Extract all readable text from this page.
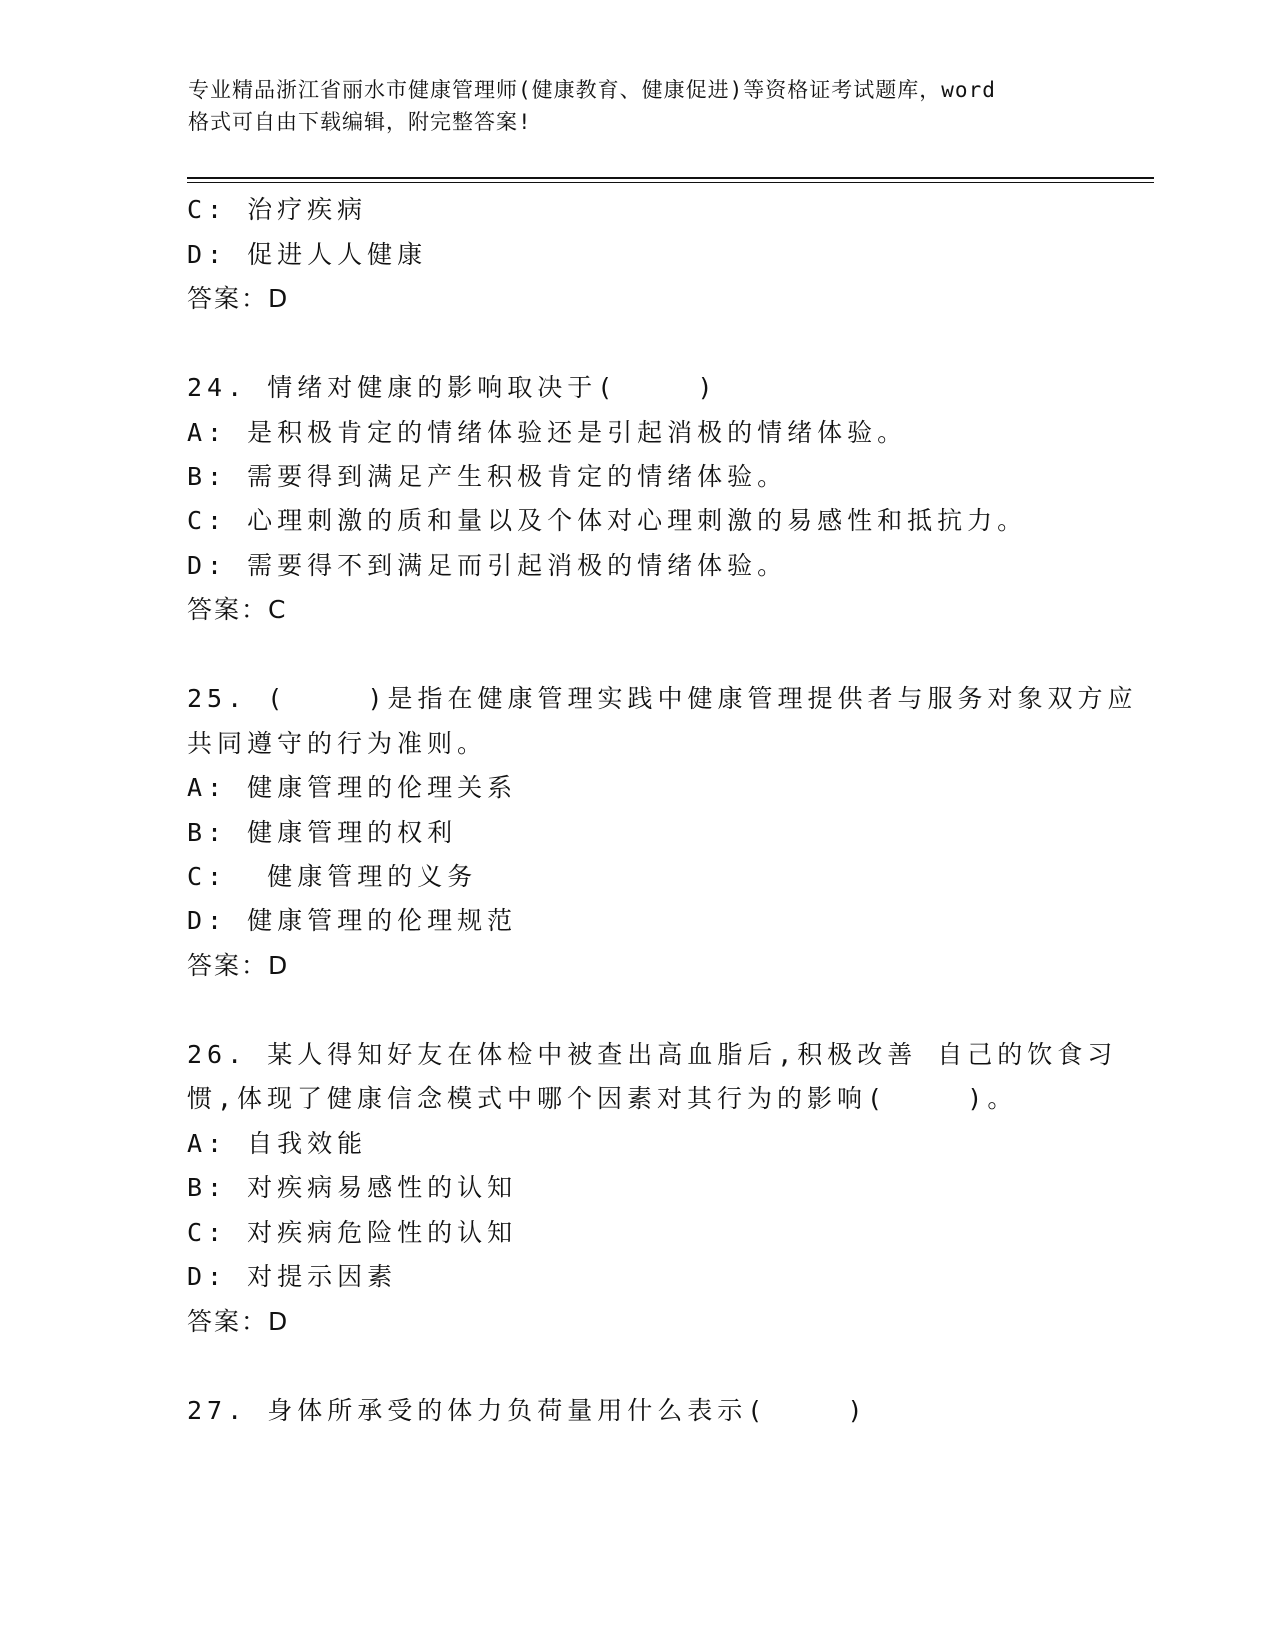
专业精品浙江省丽水市健康管理师(健康教育、健康促进)等资格证考试题库，word
格式可自由下载编辑，附完整答案!
C: 治疗疾病
D: 促进人人健康
答案：D
24. 情绪对健康的影响取决于(    )
A: 是积极肯定的情绪体验还是引起消极的情绪体验。
B: 需要得到满足产生积极肯定的情绪体验。
C: 心理刺激的质和量以及个体对心理刺激的易感性和抵抗力。
D: 需要得不到满足而引起消极的情绪体验。
答案：C
25. (    )是指在健康管理实践中健康管理提供者与服务对象双方应
共同遵守的行为准则。
A: 健康管理的伦理关系
B: 健康管理的权利
C:  健康管理的义务
D: 健康管理的伦理规范
答案：D
26. 某人得知好友在体检中被查出高血脂后,积极改善 自己的饮食习
惯,体现了健康信念模式中哪个因素对其行为的影响(    )。
A: 自我效能
B: 对疾病易感性的认知
C: 对疾病危险性的认知
D: 对提示因素
答案：D
27. 身体所承受的体力负荷量用什么表示(    )
